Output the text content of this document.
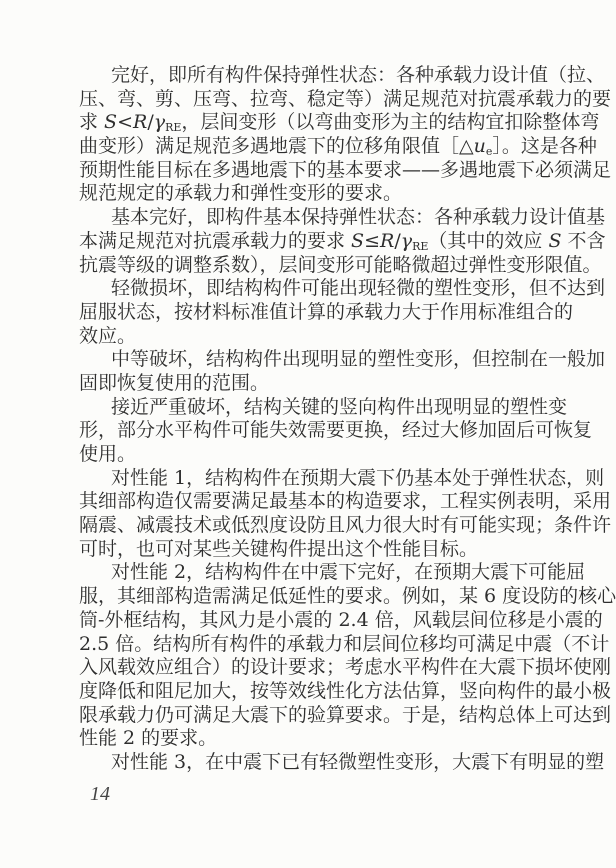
完好，即所有构件保持弹性状态：各种承载力设计值（拉、
压、弯、剪、压弯、拉弯、稳定等）满足规范对抗震承载力的要
求 $S<R/\gamma_{RE}$，层间变形（以弯曲变形为主的结构宜扣除整体弯
曲变形）满足规范多遇地震下的位移角限值$[\triangle u_e]$。这是各种
预期性能目标在多遇地震下的基本要求——多遇地震下必须满足
规范规定的承载力和弹性变形的要求。
基本完好，即构件基本保持弹性状态：各种承载力设计值基
本满足规范对抗震承载力的要求 $S\le R/\gamma_{RE}$（其中的效应 S 不含
抗震等级的调整系数），层间变形可能略微超过弹性变形限值。
轻微损坏，即结构构件可能出现轻微的塑性变形，但不达到
屈服状态，按材料标准值计算的承载力大于作用标准组合的
效应。
中等破坏，结构构件出现明显的塑性变形，但控制在一般加
固即恢复使用的范围。
接近严重破坏，结构关键的竖向构件出现明显的塑性变
形，部分水平构件可能失效需要更换，经过大修加固后可恢复
使用。
对性能 1，结构构件在预期大震下仍基本处于弹性状态，则
其细部构造仅需要满足最基本的构造要求，工程实例表明，采用
隔震、减震技术或低烈度设防且风力很大时有可能实现；条件许
可时，也可对某些关键构件提出这个性能目标。
对性能 2，结构构件在中震下完好，在预期大震下可能屈
服，其细部构造需满足低延性的要求。例如，某 6 度设防的核心
筒-外框结构，其风力是小震的 2.4 倍，风载层间位移是小震的
2.5 倍。结构所有构件的承载力和层间位移均可满足中震（不计
入风载效应组合）的设计要求；考虑水平构件在大震下损坏使刚
度降低和阻尼加大，按等效线性化方法估算，竖向构件的最小极
限承载力仍可满足大震下的验算要求。于是，结构总体上可达到
性能 2 的要求。
对性能 3，在中震下已有轻微塑性变形，大震下有明显的塑
14
